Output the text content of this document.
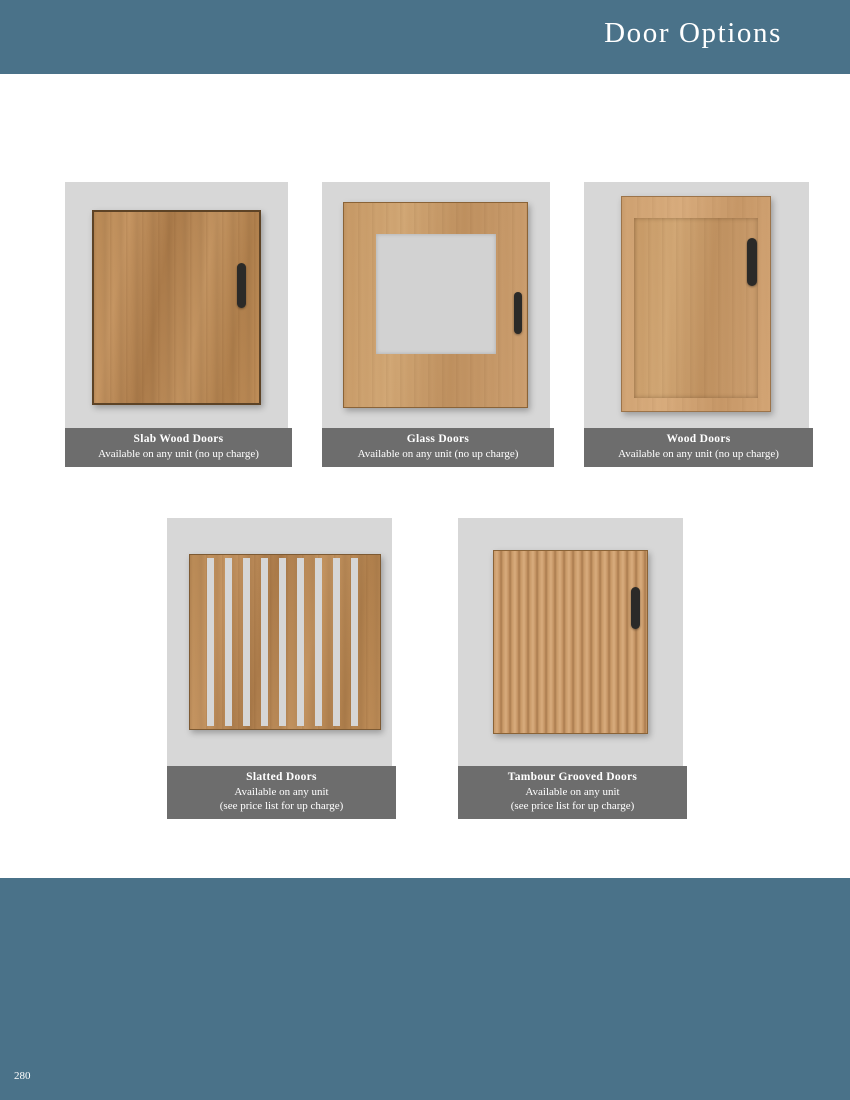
Door Options
Slab Wood Doors
Available on any unit (no up charge)
Glass Doors
Available on any unit (no up charge)
Wood Doors
Available on any unit (no up charge)
Slatted Doors
Available on any unit
(see price list for up charge)
Tambour Grooved Doors
Available on any unit
(see price list for up charge)
280
